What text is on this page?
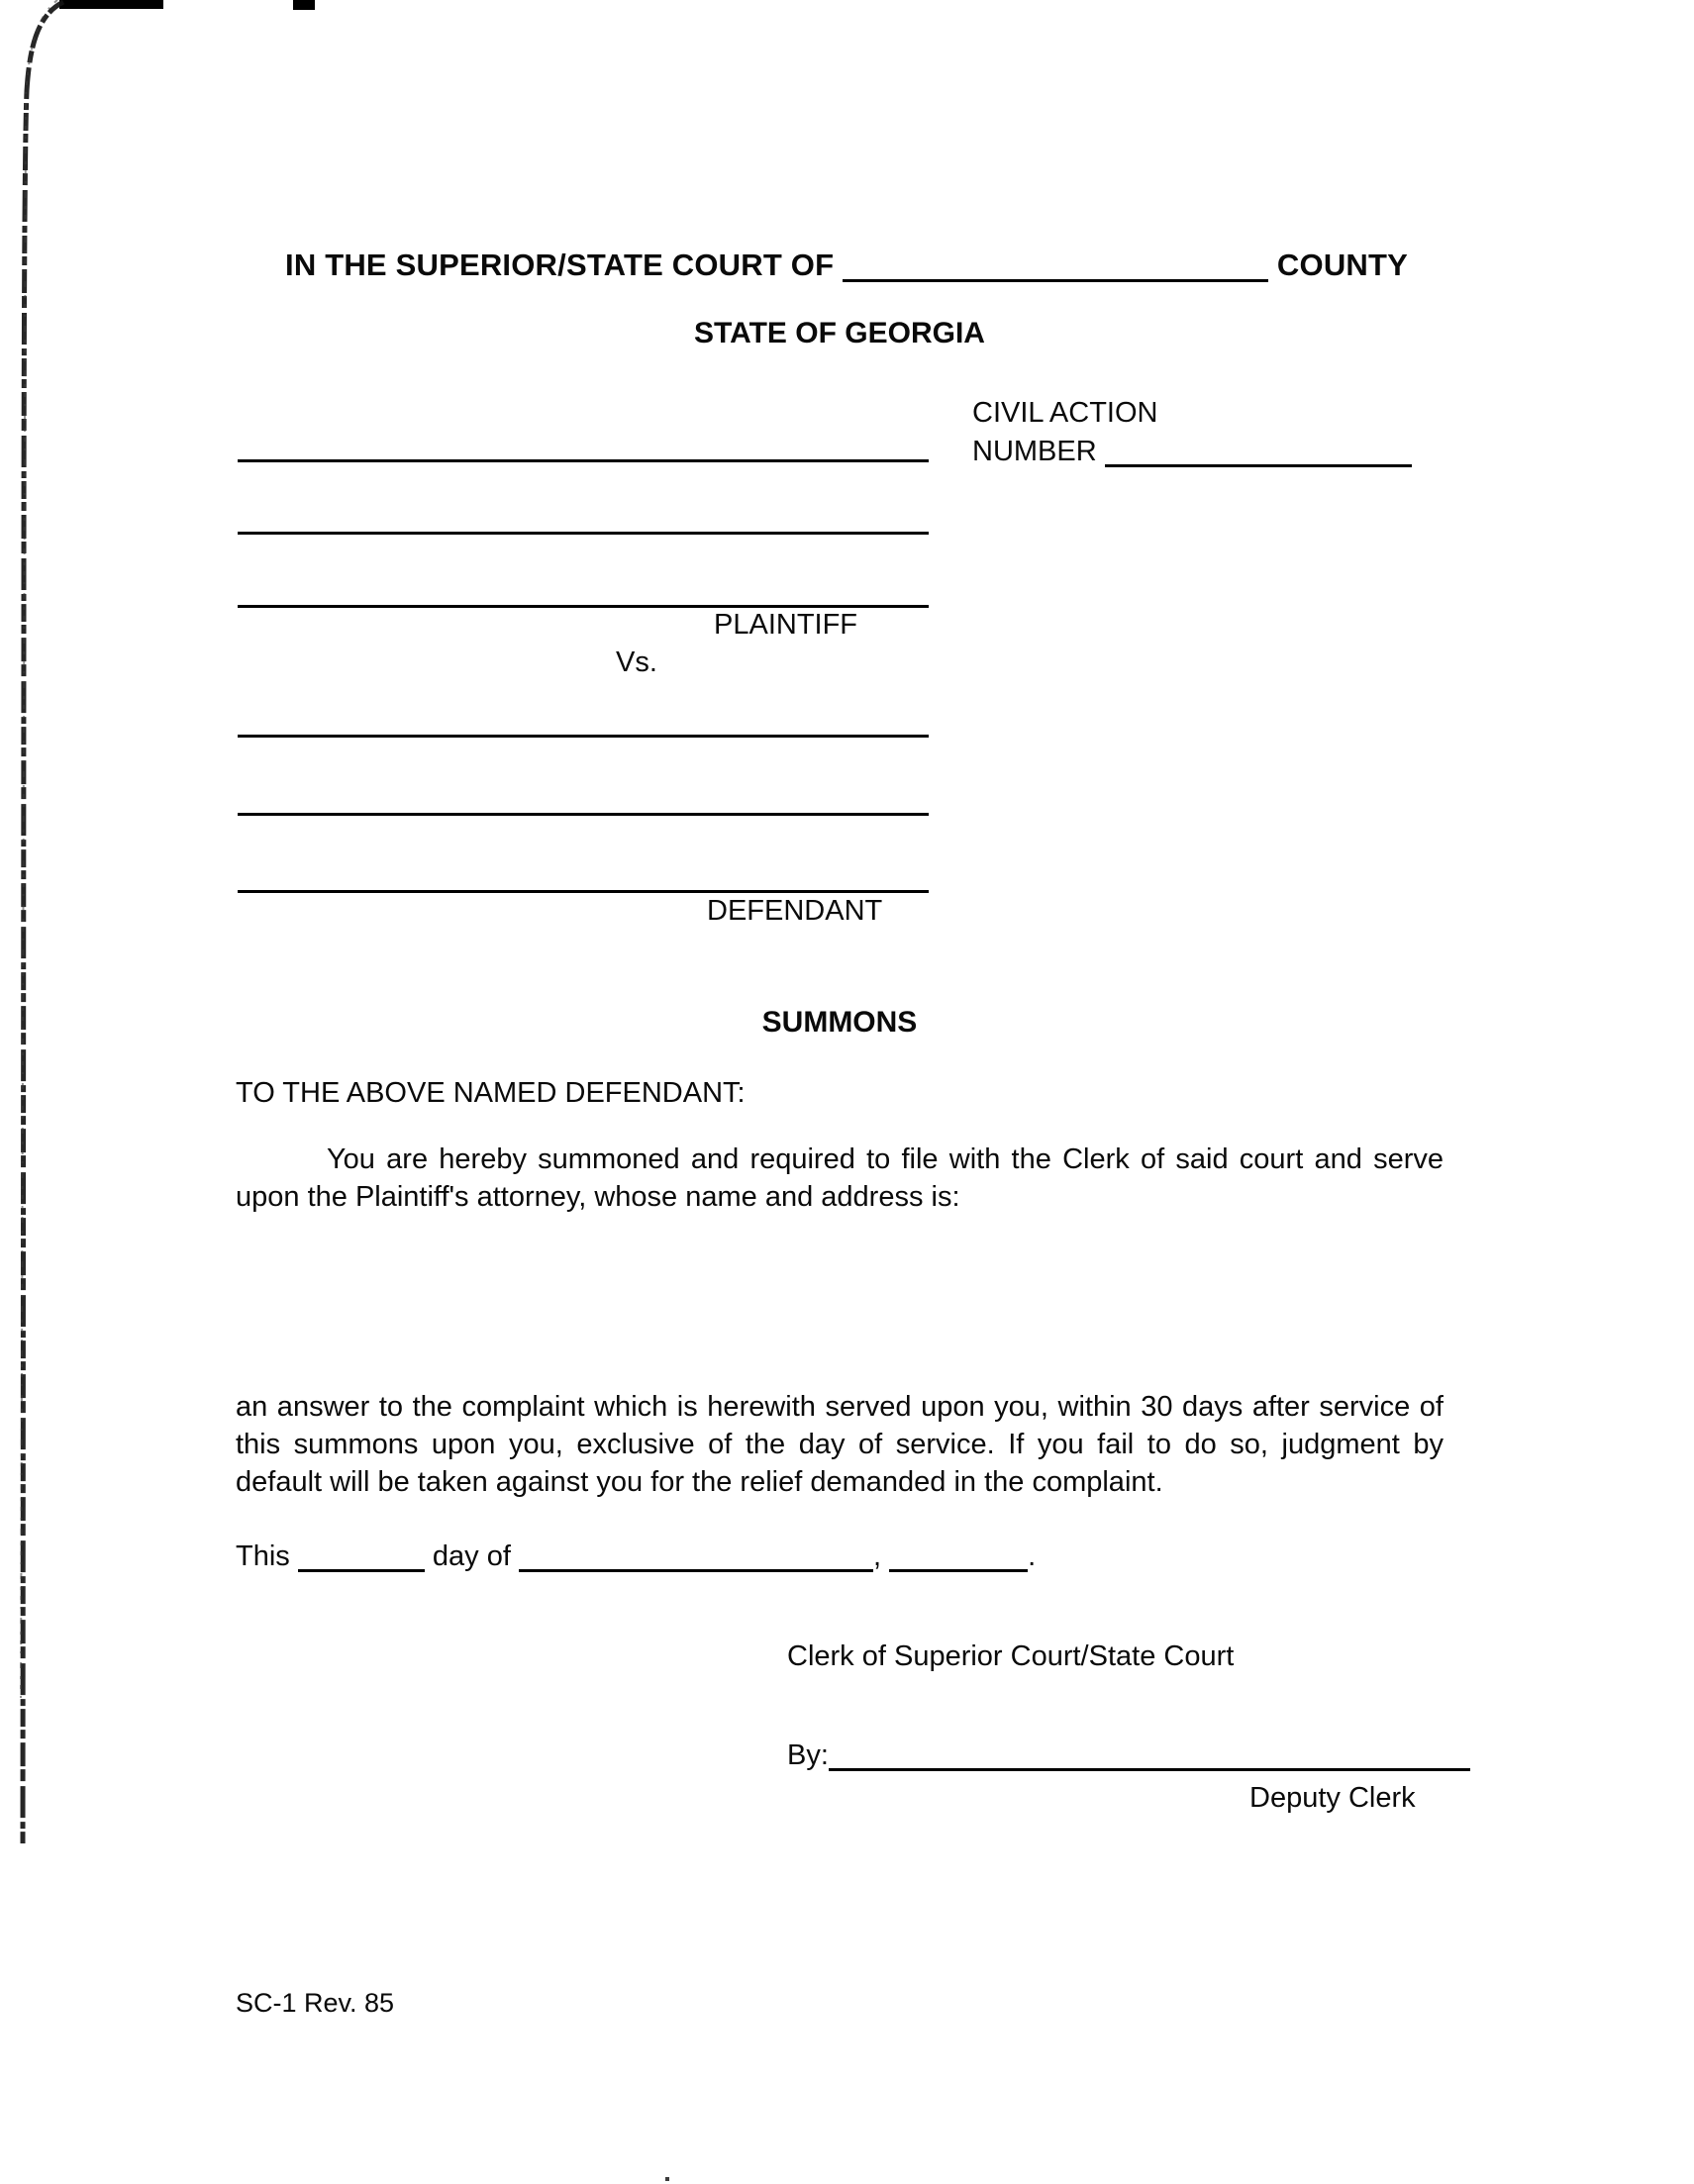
IN THE SUPERIOR/STATE COURT OF	COUNTY
STATE OF GEORGIA
CIVIL ACTION
NUMBER
PLAINTIFF
Vs.
DEFENDANT
SUMMONS
TO THE ABOVE NAMED DEFENDANT:
You are hereby summoned and required to file with the Clerk of said court and serve upon the Plaintiff's attorney, whose name and address is:
an answer to the complaint which is herewith served upon you, within 30 days after service of this summons upon you, exclusive of the day of service. If you fail to do so, judgment by default will be taken against you for the relief demanded in the complaint.
This	day of	,	.
Clerk of Superior Court/State Court
By:
Deputy Clerk
SC-1 Rev. 85
